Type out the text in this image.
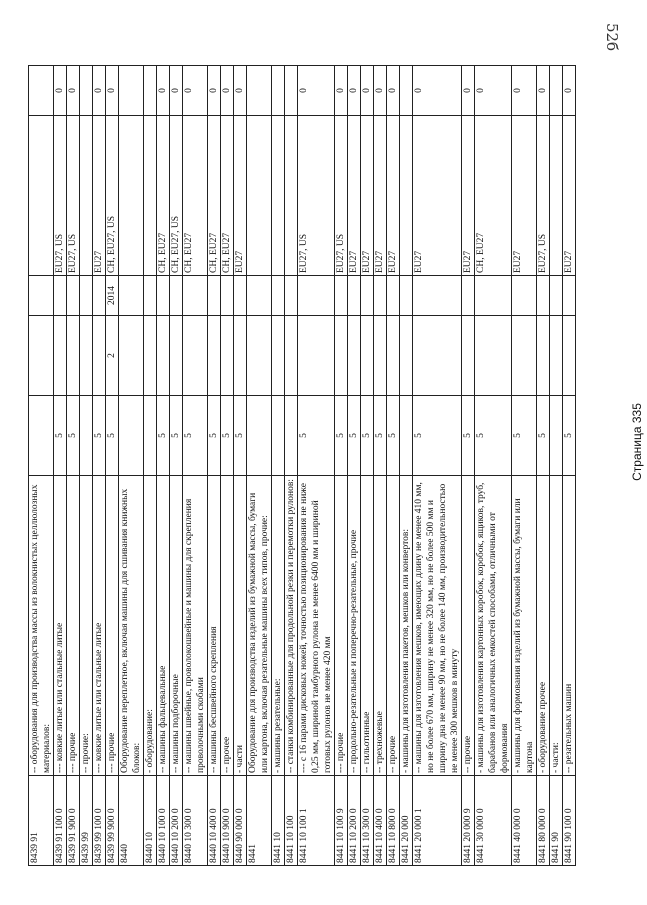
52б
8439 91	-- оборудования для производства массы из волокнистых целлюлозных материалов:					
8439 91 100 0	--- ковкие литые или стальные литые	5			EU27, US	0
8439 91 900 0	--- прочие	5			EU27, US	0
8439 99	-- прочие:					
8439 99 100 0	--- ковкие литые или стальные литые	5			EU27	0
8439 99 900 0	--- прочие	5	2	2014	CH, EU27, US	0
8440	Оборудование переплетное, включая машины для сшивания книжных блоков:					
8440 10	- оборудование:					
8440 10 100 0	-- машины фальцевальные	5			CH, EU27	0
8440 10 200 0	-- машины подборочные	5			CH, EU27, US	0
8440 10 300 0	-- машины швейные, проволокошвейные и машины для скрепления проволочными скобами	5			CH, EU27	0
8440 10 400 0	-- машины бесшвейного скрепления	5			CH, EU27	0
8440 10 900 0	-- прочее	5			CH, EU27	0
8440 90 000 0	- части	5			EU27	0
8441	Оборудование для производства изделий из бумажной массы, бумаги или картона, включая резательные машины всех типов, прочие:					
8441 10	- машины резательные:					
8441 10 100	-- станки комбинированные для продольной резки и перемотки рулонов:					
8441 10 100 1	--- с 16 парами дисковых ножей, точностью позиционирования не ниже 0,25 мм, шириной тамбурного рулона не менее 6400 мм и шириной готовых рулонов не менее 420 мм	5			EU27, US	0
8441 10 100 9	--- прочие	5			EU27, US	0
8441 10 200 0	-- продольно-резательные и поперечно-резательные, прочие	5			EU27	0
8441 10 300 0	-- гильотинные	5			EU27	0
8441 10 400 0	-- трехножевые	5			EU27	0
8441 10 800 0	-- прочие	5			EU27	0
8441 20 000	- машины для изготовления пакетов, мешков или конвертов:					
8441 20 000 1	-- машины для изготовления мешков, имеющих длину не менее 410 мм, но не более 670 мм, ширину не менее 320 мм, но не более 500 мм и ширину дна не менее 90 мм, но не более 140 мм, производительностью не менее 300 мешков в минуту	5			EU27	0
8441 20 000 9	-- прочие	5			EU27	0
8441 30 000 0	- машины для изготовления картонных коробок, коробок, ящиков, труб, барабанов или аналогичных емкостей способами, отличными от формования	5			CH, EU27	0
8441 40 000 0	- машины для формования изделий из бумажной массы, бумаги или картона	5			EU27	0
8441 80 000 0	- оборудование прочее	5			EU27, US	0
8441 90	- части:					
8441 90 100 0	-- резательных машин	5			EU27	0
Страница 335
